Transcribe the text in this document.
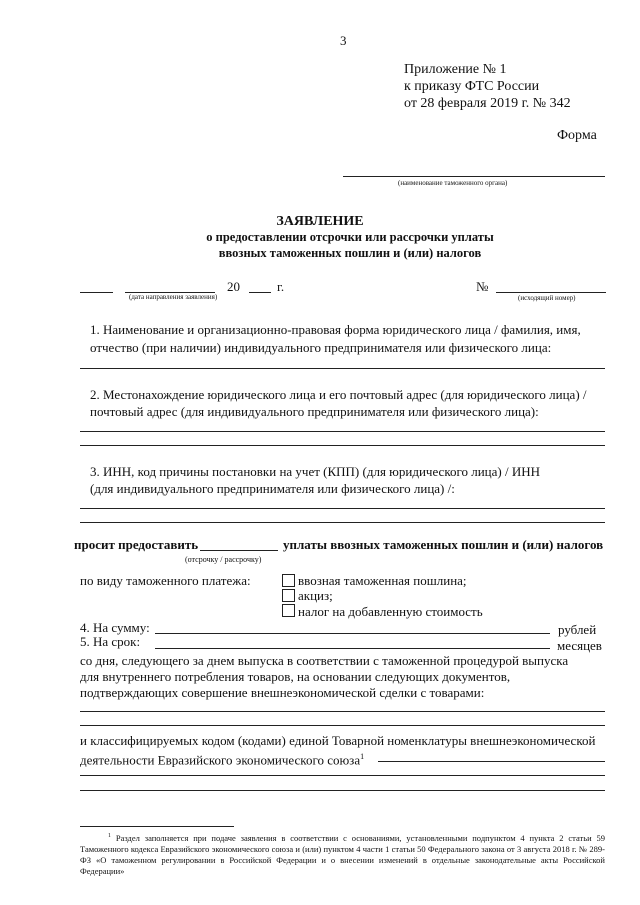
3
Приложение № 1
к приказу ФТС России
от 28 февраля 2019 г. № 342
Форма
(наименование таможенного органа)
ЗАЯВЛЕНИЕ
о предоставлении отсрочки или рассрочки уплаты
ввозных таможенных пошлин и (или) налогов
20	г.
(дата направления заявления)
№
(исходящий номер)
1. Наименование и организационно-правовая форма юридического лица / фамилия, имя,
отчество (при наличии) индивидуального предпринимателя или физического лица:
2. Местонахождение юридического лица и его почтовый адрес (для юридического лица) /
почтовый адрес (для индивидуального предпринимателя или физического лица):
3. ИНН, код причины постановки на учет (КПП) (для юридического лица) / ИНН
(для индивидуального предпринимателя или физического лица) /:
просит предоставить	уплаты ввозных таможенных пошлин и (или) налогов
(отсрочку / рассрочку)
по виду таможенного платежа:	ввозная таможенная пошлина;
акциз;
налог на добавленную стоимость
4. На сумму:	рублей
5. На срок:	месяцев
со дня, следующего за днем выпуска в соответствии с таможенной процедурой выпуска
для внутреннего потребления товаров, на основании следующих документов,
подтверждающих совершение внешнеэкономической сделки с товарами:
и классифицируемых кодом (кодами) единой Товарной номенклатуры внешнеэкономической
деятельности Евразийского экономического союза$^1$
$^1$ Раздел заполняется при подаче заявления в соответствии с основаниями, установленными подпунктом 4 пункта 2 статьи 59 Таможенного кодекса Евразийского экономического союза и (или) пунктом 4 части 1 статьи 50 Федерального закона от 3 августа 2018 г. № 289-ФЗ «О таможенном регулировании в Российской Федерации и о внесении изменений в отдельные законодательные акты Российской Федерации»
